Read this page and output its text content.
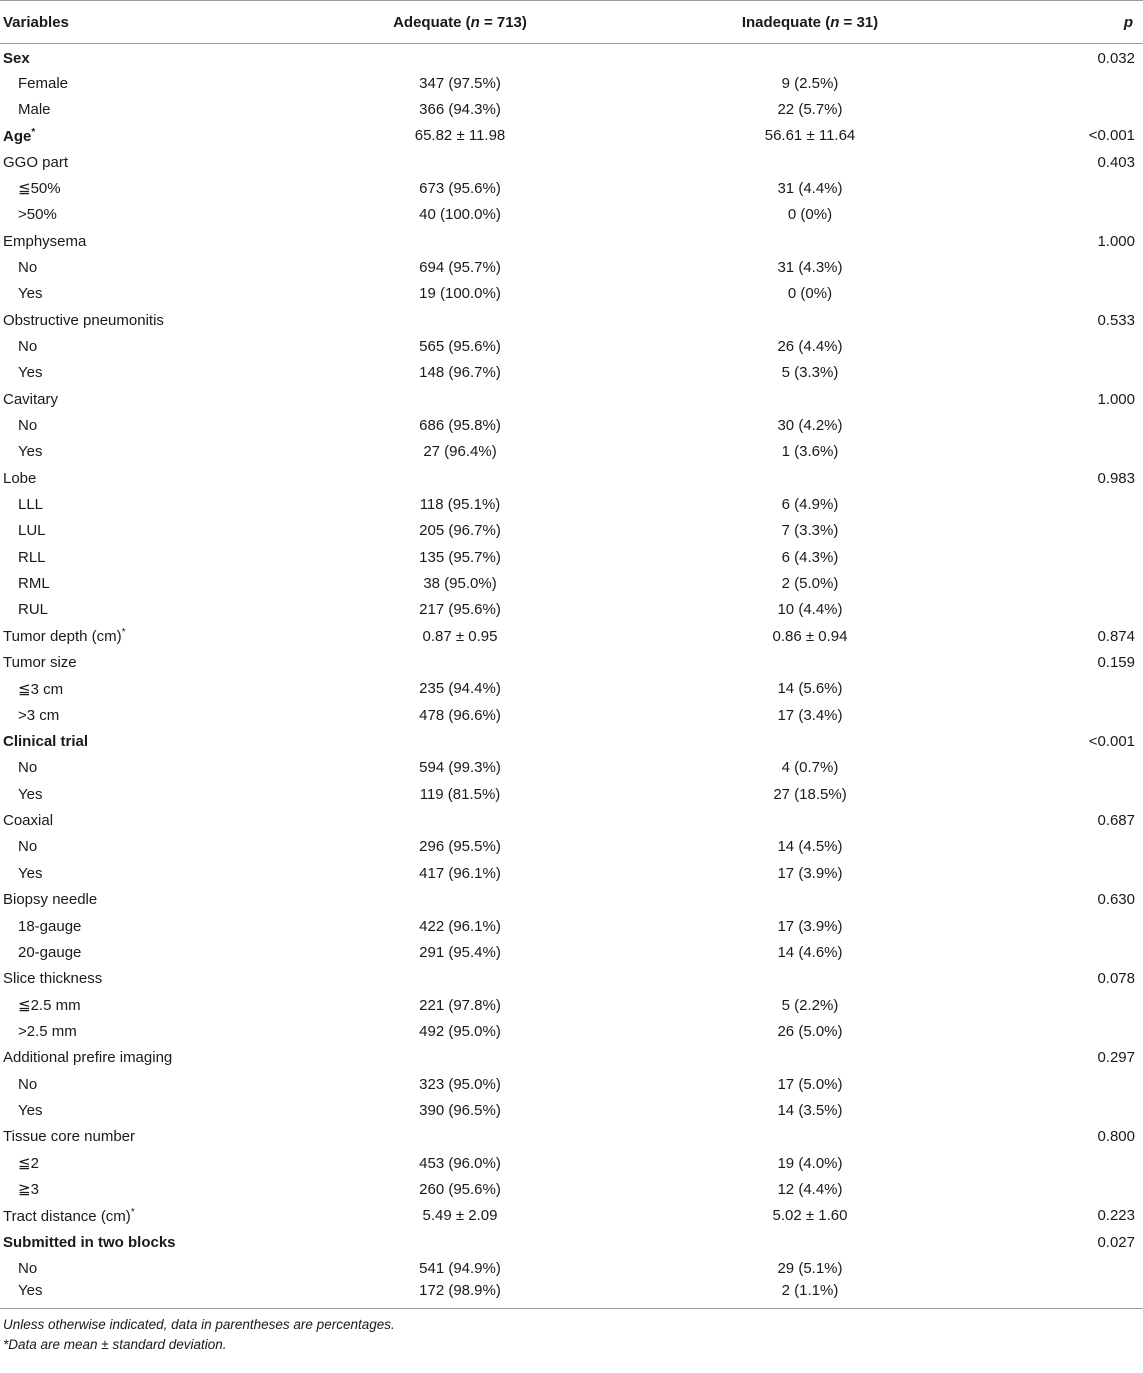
Variables	Adequate (n = 713)	Inadequate (n = 31)	p
Sex			0.032
Female	347 (97.5%)	9 (2.5%)	
Male	366 (94.3%)	22 (5.7%)	
Age*	65.82 ± 11.98	56.61 ± 11.64	<0.001
GGO part			0.403
≦50%	673 (95.6%)	31 (4.4%)	
>50%	40 (100.0%)	0 (0%)	
Emphysema			1.000
No	694 (95.7%)	31 (4.3%)	
Yes	19 (100.0%)	0 (0%)	
Obstructive pneumonitis			0.533
No	565 (95.6%)	26 (4.4%)	
Yes	148 (96.7%)	5 (3.3%)	
Cavitary			1.000
No	686 (95.8%)	30 (4.2%)	
Yes	27 (96.4%)	1 (3.6%)	
Lobe			0.983
LLL	118 (95.1%)	6 (4.9%)	
LUL	205 (96.7%)	7 (3.3%)	
RLL	135 (95.7%)	6 (4.3%)	
RML	38 (95.0%)	2 (5.0%)	
RUL	217 (95.6%)	10 (4.4%)	
Tumor depth (cm)*	0.87 ± 0.95	0.86 ± 0.94	0.874
Tumor size			0.159
≦3 cm	235 (94.4%)	14 (5.6%)	
>3 cm	478 (96.6%)	17 (3.4%)	
Clinical trial			<0.001
No	594 (99.3%)	4 (0.7%)	
Yes	119 (81.5%)	27 (18.5%)	
Coaxial			0.687
No	296 (95.5%)	14 (4.5%)	
Yes	417 (96.1%)	17 (3.9%)	
Biopsy needle			0.630
18-gauge	422 (96.1%)	17 (3.9%)	
20-gauge	291 (95.4%)	14 (4.6%)	
Slice thickness			0.078
≦2.5 mm	221 (97.8%)	5 (2.2%)	
>2.5 mm	492 (95.0%)	26 (5.0%)	
Additional prefire imaging			0.297
No	323 (95.0%)	17 (5.0%)	
Yes	390 (96.5%)	14 (3.5%)	
Tissue core number			0.800
≦2	453 (96.0%)	19 (4.0%)	
≧3	260 (95.6%)	12 (4.4%)	
Tract distance (cm)*	5.49 ± 2.09	5.02 ± 1.60	0.223
Submitted in two blocks			0.027
No	541 (94.9%)	29 (5.1%)	
Yes	172 (98.9%)	2 (1.1%)	
Unless otherwise indicated, data in parentheses are percentages.
*Data are mean ± standard deviation.
